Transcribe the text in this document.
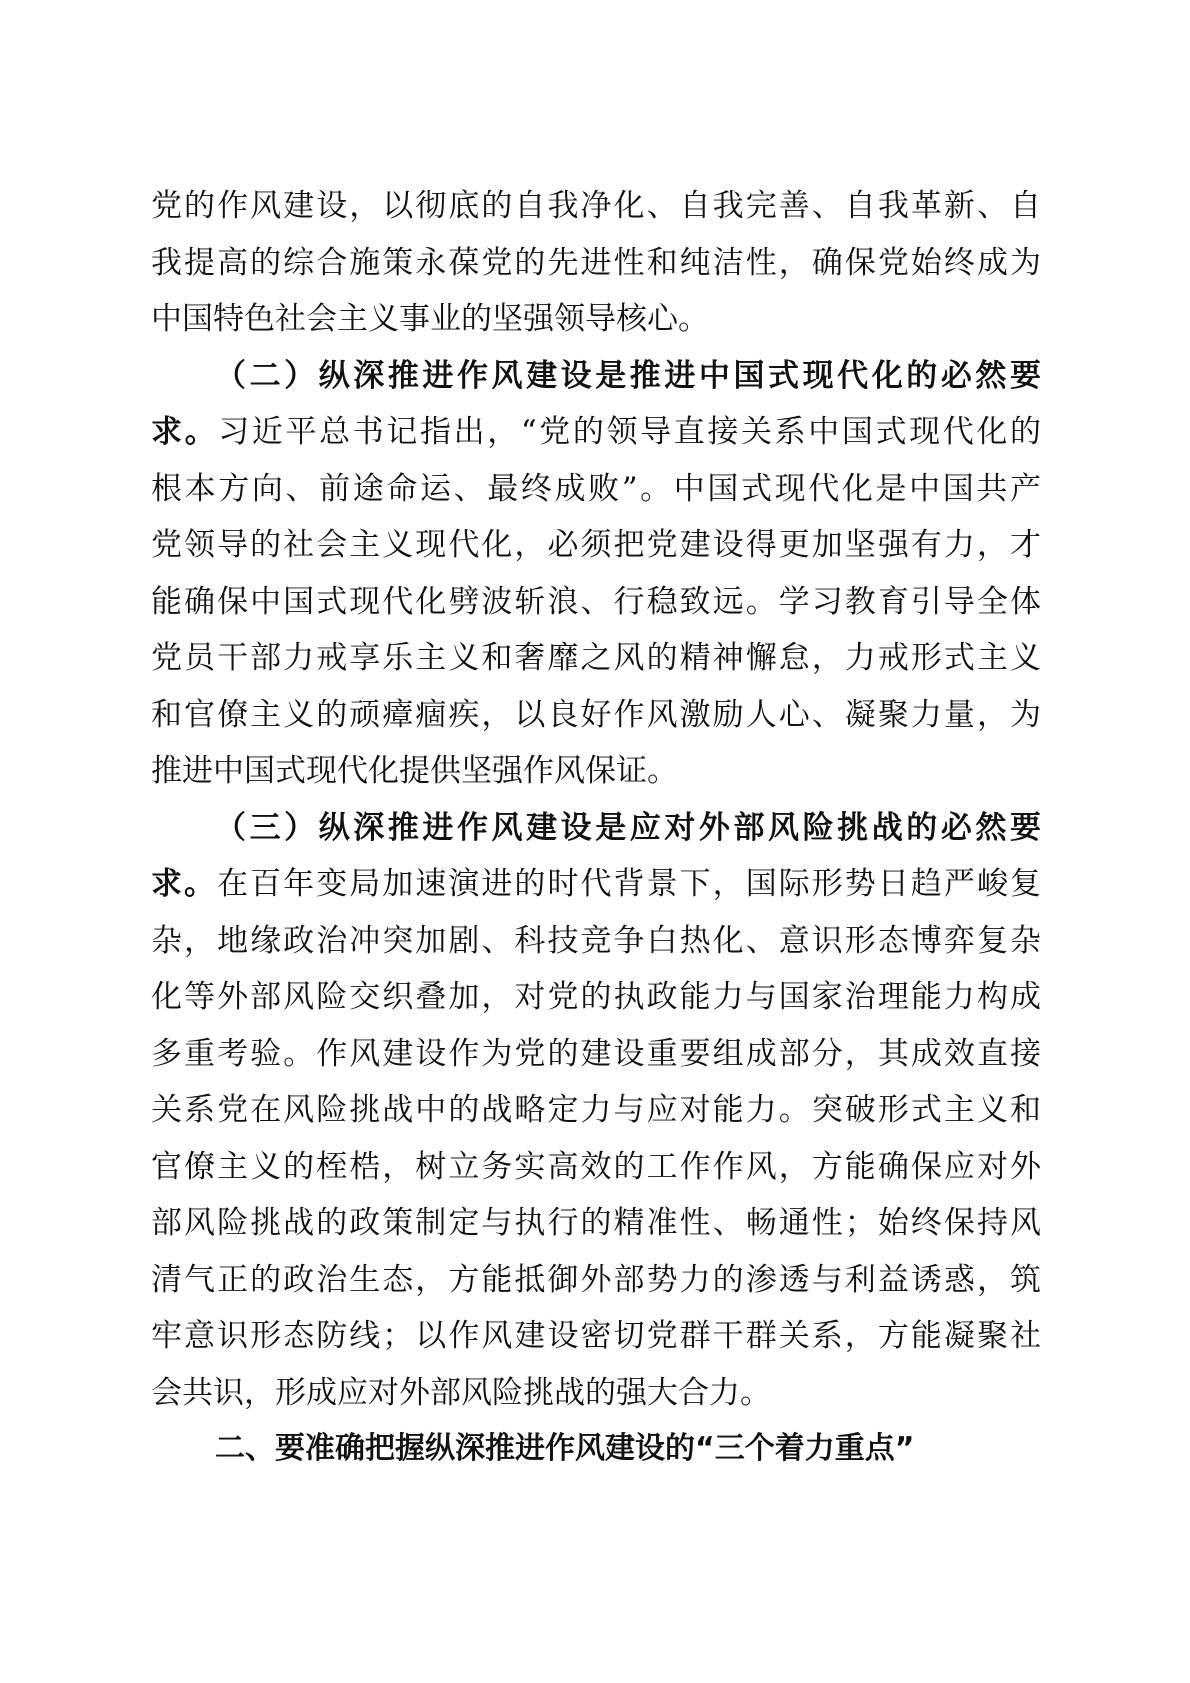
党的作风建设，以彻底的自我净化、自我完善、自我革新、自
我提高的综合施策永葆党的先进性和纯洁性，确保党始终成为
中国特色社会主义事业的坚强领导核心。
（二）纵深推进作风建设是推进中国式现代化的必然要
求。习近平总书记指出，“党的领导直接关系中国式现代化的
根本方向、前途命运、最终成败”。中国式现代化是中国共产
党领导的社会主义现代化，必须把党建设得更加坚强有力，才
能确保中国式现代化劈波斩浪、行稳致远。学习教育引导全体
党员干部力戒享乐主义和奢靡之风的精神懈怠，力戒形式主义
和官僚主义的顽瘴痼疾，以良好作风激励人心、凝聚力量，为
推进中国式现代化提供坚强作风保证。
（三）纵深推进作风建设是应对外部风险挑战的必然要
求。在百年变局加速演进的时代背景下，国际形势日趋严峻复
杂，地缘政治冲突加剧、科技竞争白热化、意识形态博弈复杂
化等外部风险交织叠加，对党的执政能力与国家治理能力构成
多重考验。作风建设作为党的建设重要组成部分，其成效直接
关系党在风险挑战中的战略定力与应对能力。突破形式主义和
官僚主义的桎梏，树立务实高效的工作作风，方能确保应对外
部风险挑战的政策制定与执行的精准性、畅通性；始终保持风
清气正的政治生态，方能抵御外部势力的渗透与利益诱惑，筑
牢意识形态防线；以作风建设密切党群干群关系，方能凝聚社
会共识，形成应对外部风险挑战的强大合力。
二、要准确把握纵深推进作风建设的“三个着力重点”
